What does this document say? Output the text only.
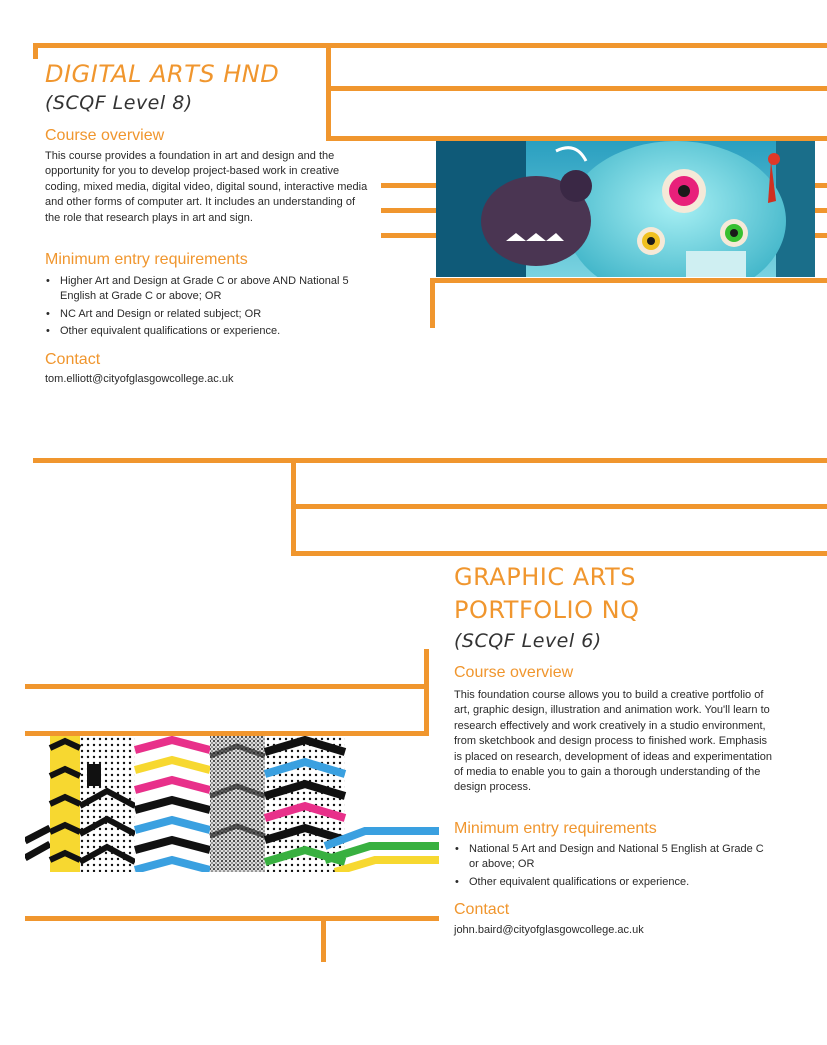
DIGITAL ARTS HND

(SCQF Level 8)

Course overview

This course provides a foundation in art and design and the opportunity for you to develop project-based work in creative coding, mixed media, digital video, digital sound, interactive media and other forms of computer art. It includes an understanding of the role that research plays in art and sign.

Minimum entry requirements
• Higher Art and Design at Grade C or above AND National 5 English at Grade C or above; OR
• NC Art and Design or related subject; OR
• Other equivalent qualifications or experience.
Contact

tom.elliott@cityofglasgowcollege.ac.uk

GRAPHIC ARTS
PORTFOLIO NQ

(SCQF Level 6)

Course overview

This foundation course allows you to build a creative portfolio of art, graphic design, illustration and animation work. You'll learn to research effectively and work creatively in a studio environment, from sketchbook and design process to finished work. Emphasis is placed on research, development of ideas and experimentation of media to enable you to gain a thorough understanding of the design process.

Minimum entry requirements
• National 5 Art and Design and National 5 English at Grade C or above; OR
• Other equivalent qualifications or experience.
Contact

john.baird@cityofglasgowcollege.ac.uk
